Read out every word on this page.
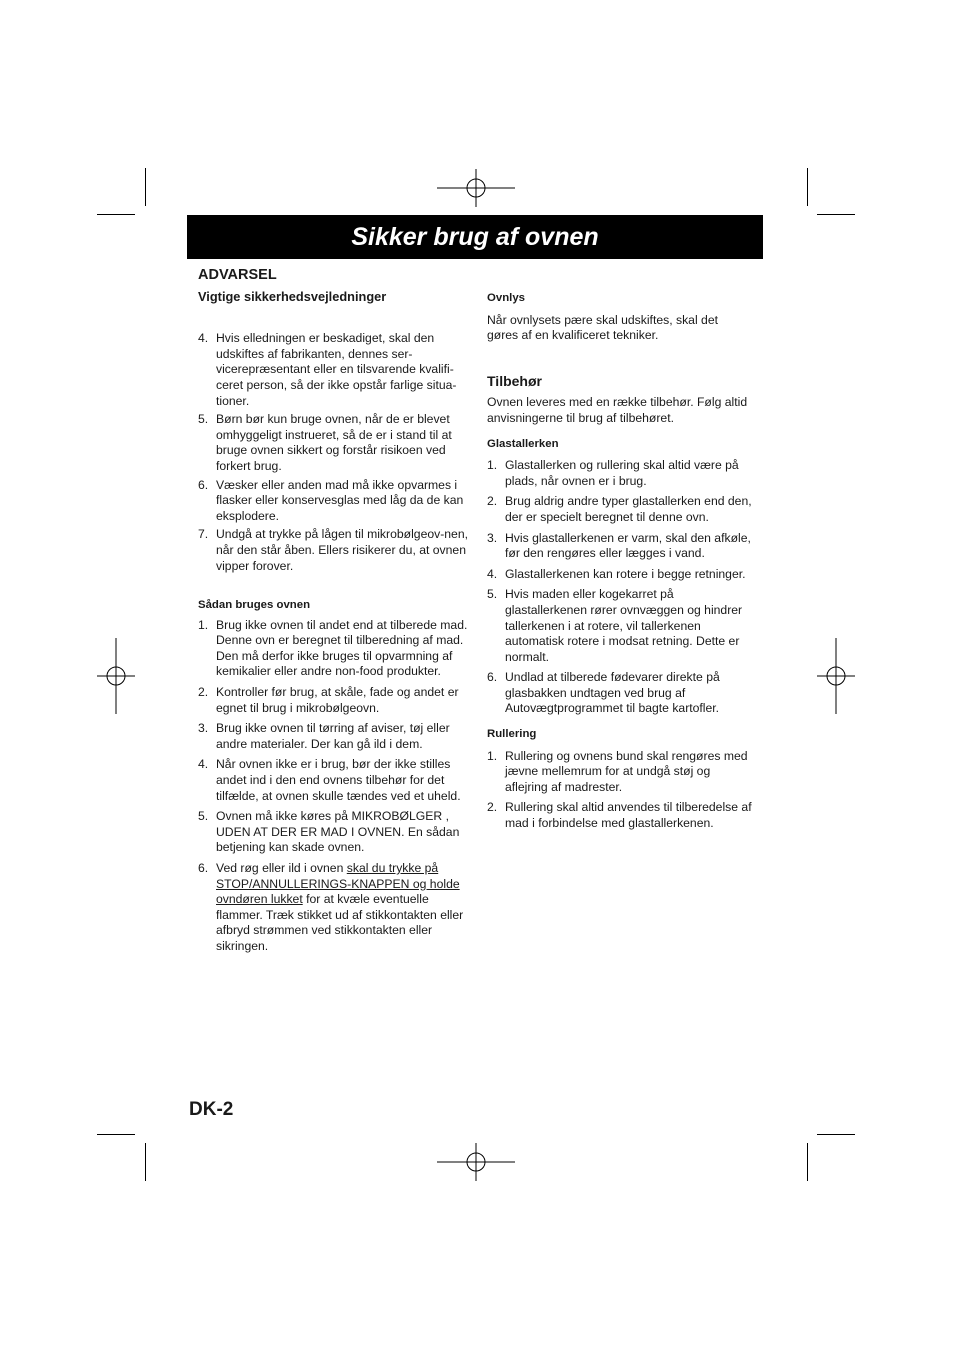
Sikker brug af ovnen
ADVARSEL
Vigtige sikkerhedsvejledninger
4. Hvis elledningen er beskadiget, skal den udskiftes af fabrikanten, dennes ser-vicerepræsentant eller en tilsvarende kvalifi-ceret person, så der ikke opstår farlige situa-tioner.
5. Børn bør kun bruge ovnen, når de er blevet omhyggeligt instrueret, så de er i stand til at bruge ovnen sikkert og forstår risikoen ved forkert brug.
6. Væsker eller anden mad må ikke opvarmes i flasker eller konservesglas med låg da de kan eksplodere.
7. Undgå at trykke på lågen til mikrobølgeov-nen, når den står åben. Ellers risikerer du, at ovnen vipper forover.
Sådan bruges ovnen
1. Brug ikke ovnen til andet end at tilberede mad. Denne ovn er beregnet til tilberedning af mad. Den må derfor ikke bruges til opvarmning af kemikalier eller andre non-food produkter.
2. Kontroller før brug, at skåle, fade og andet er egnet til brug i mikrobølgeovn.
3. Brug ikke ovnen til tørring af aviser, tøj eller andre materialer. Der kan gå ild i dem.
4. Når ovnen ikke er i brug, bør der ikke stilles andet ind i den end ovnens tilbehør for det tilfælde, at ovnen skulle tændes ved et uheld.
5. Ovnen må ikke køres på MIKROBØLGER , UDEN AT DER ER MAD I OVNEN. En sådan betjening kan skade ovnen.
6. Ved røg eller ild i ovnen skal du trykke på STOP/ANNULLERINGS-KNAPPEN og holde ovndøren lukket for at kvæle eventuelle flammer. Træk stikket ud af stikkontakten eller afbryd strømmen ved stikkontakten eller sikringen.
Ovnlys

Når ovnlysets pære skal udskiftes, skal det gøres af en kvalificeret tekniker.

Tilbehør

Ovnen leveres med en række tilbehør. Følg altid anvisningerne til brug af tilbehøret.

Glastallerken
1. Glastallerken og rullering skal altid være på plads, når ovnen er i brug.
2. Brug aldrig andre typer glastallerken end den, der er specielt beregnet til denne ovn.
3. Hvis glastallerkenen er varm, skal den afkøle, før den rengøres eller lægges i vand.
4. Glastallerkenen kan rotere i begge retninger.
5. Hvis maden eller kogekarret på glastallerkenen rører ovnvæggen og hindrer tallerkenen i at rotere, vil tallerkenen automatisk rotere i modsat retning. Dette er normalt.
6. Undlad at tilberede fødevarer direkte på glasbakken undtagen ved brug af Autovægtprogrammet til bagte kartofler.
Rullering
1. Rullering og ovnens bund skal rengøres med jævne mellemrum for at undgå støj og aflejring af madrester.
2. Rullering skal altid anvendes til tilberedelse af mad i forbindelse med glastallerkenen.
DK-2
